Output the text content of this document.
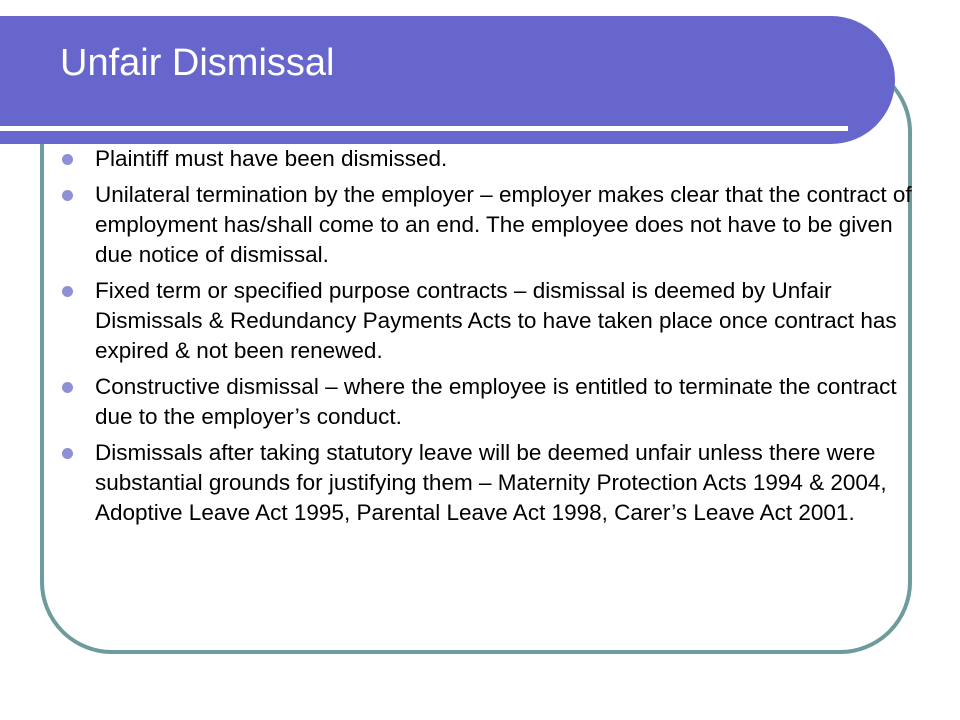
Unfair Dismissal
Plaintiff must have been dismissed.
Unilateral termination by the employer – employer makes clear that the contract of employment has/shall come to an end. The employee does not have to be given due notice of dismissal.
Fixed term or specified purpose contracts – dismissal is deemed by Unfair Dismissals & Redundancy Payments Acts to have taken place once contract has expired & not been renewed.
Constructive dismissal – where the employee is entitled to terminate the contract due to the employer’s conduct.
Dismissals after taking statutory leave will be deemed unfair unless there were substantial grounds for justifying them – Maternity Protection Acts 1994 & 2004, Adoptive Leave Act 1995, Parental Leave Act 1998, Carer’s Leave Act 2001.
